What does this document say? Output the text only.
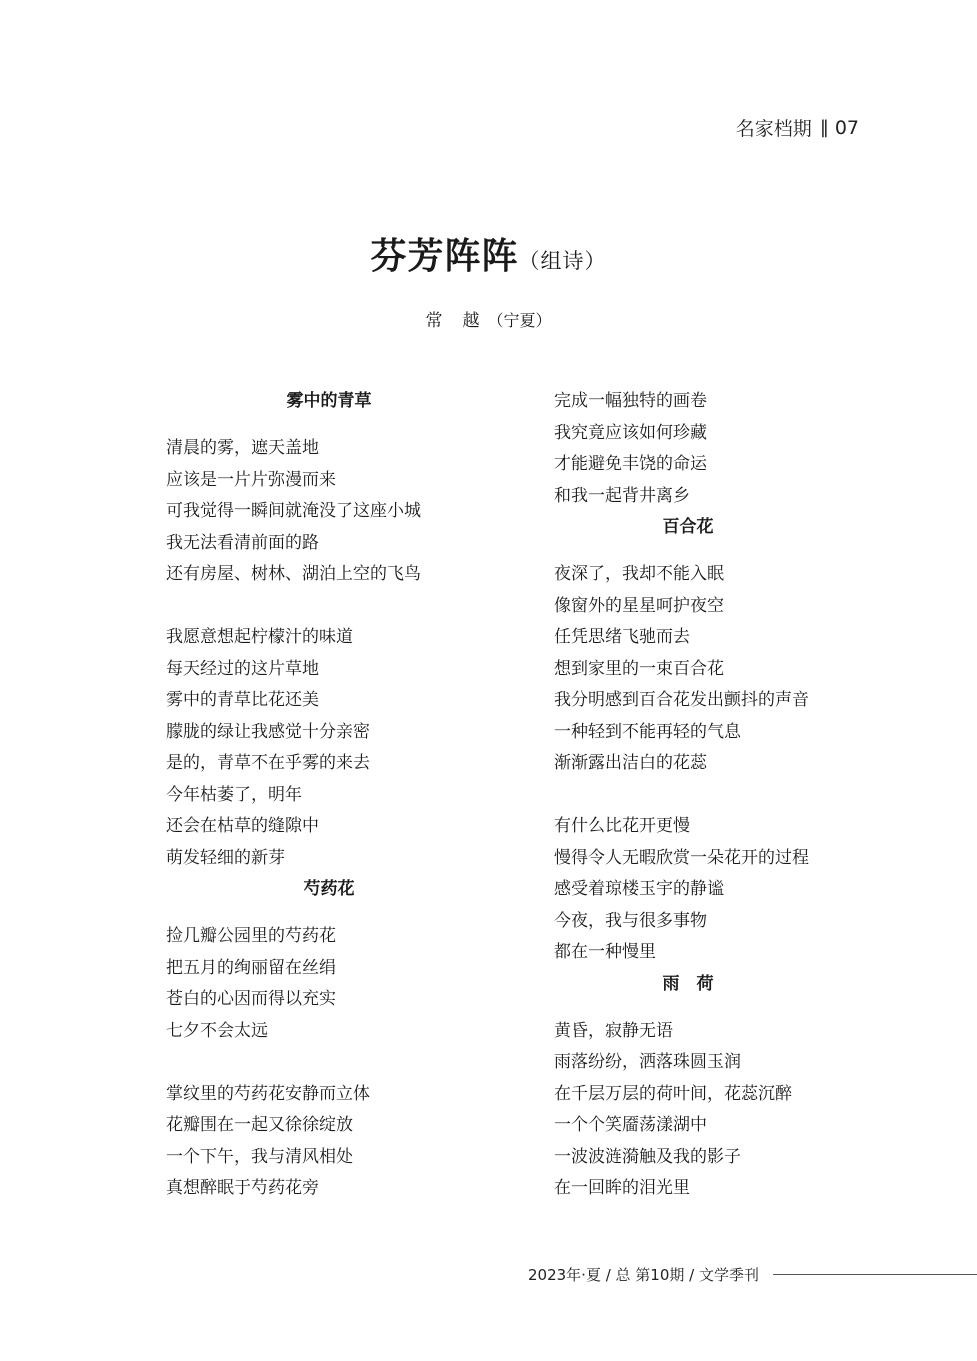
名家档期 ‖ 07
芬芳阵阵（组诗）
常越（宁夏）
雾中的青草
清晨的雾，遮天盖地
应该是一片片弥漫而来
可我觉得一瞬间就淹没了这座小城
我无法看清前面的路
还有房屋、树林、湖泊上空的飞鸟
我愿意想起柠檬汁的味道
每天经过的这片草地
雾中的青草比花还美
朦胧的绿让我感觉十分亲密
是的，青草不在乎雾的来去
今年枯萎了，明年
还会在枯草的缝隙中
萌发轻细的新芽
芍药花
捡几瓣公园里的芍药花
把五月的绚丽留在丝绢
苍白的心因而得以充实
七夕不会太远
掌纹里的芍药花安静而立体
花瓣围在一起又徐徐绽放
一个下午，我与清风相处
真想醉眠于芍药花旁
完成一幅独特的画卷
我究竟应该如何珍藏
才能避免丰饶的命运
和我一起背井离乡
百合花
夜深了，我却不能入眠
像窗外的星星呵护夜空
任凭思绪飞驰而去
想到家里的一束百合花
我分明感到百合花发出颤抖的声音
一种轻到不能再轻的气息
渐渐露出洁白的花蕊
有什么比花开更慢
慢得令人无暇欣赏一朵花开的过程
感受着琼楼玉宇的静谧
今夜，我与很多事物
都在一种慢里
雨　荷
黄昏，寂静无语
雨落纷纷，洒落珠圆玉润
在千层万层的荷叶间，花蕊沉醉
一个个笑靥荡漾湖中
一波波涟漪触及我的影子
在一回眸的泪光里
2023年·夏 / 总 第10期 / 文学季刊
